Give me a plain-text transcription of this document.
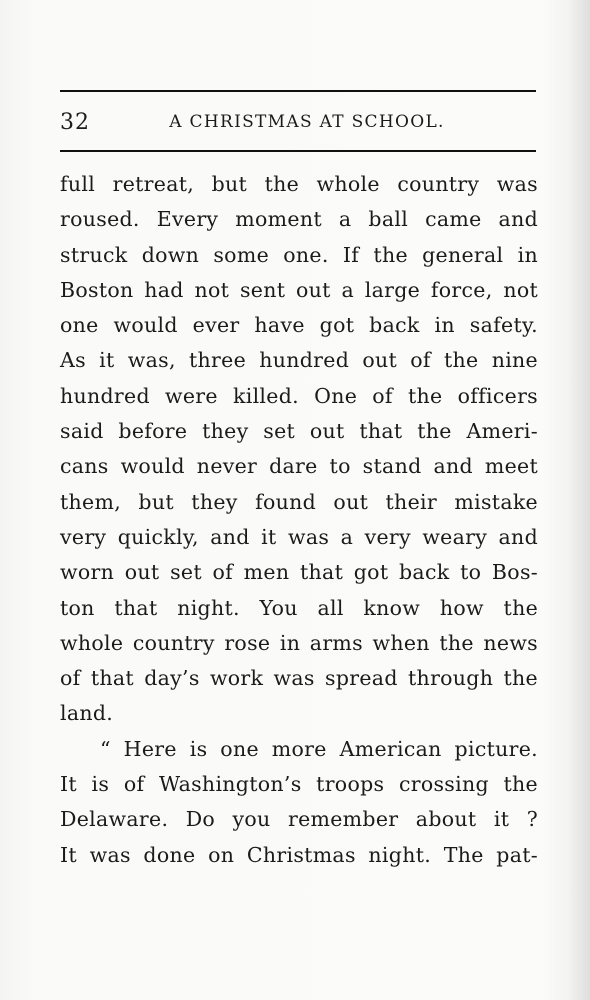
32	A CHRISTMAS AT SCHOOL.
full retreat, but the whole country was
roused. Every moment a ball came and
struck down some one. If the general in
Boston had not sent out a large force, not
one would ever have got back in safety.
As it was, three hundred out of the nine
hundred were killed. One of the officers
said before they set out that the Ameri-
cans would never dare to stand and meet
them, but they found out their mistake
very quickly, and it was a very weary and
worn out set of men that got back to Bos-
ton that night. You all know how the
whole country rose in arms when the news
of that day’s work was spread through the
land.
“ Here is one more American picture.
It is of Washington’s troops crossing the
Delaware. Do you remember about it ?
It was done on Christmas night. The pat-
